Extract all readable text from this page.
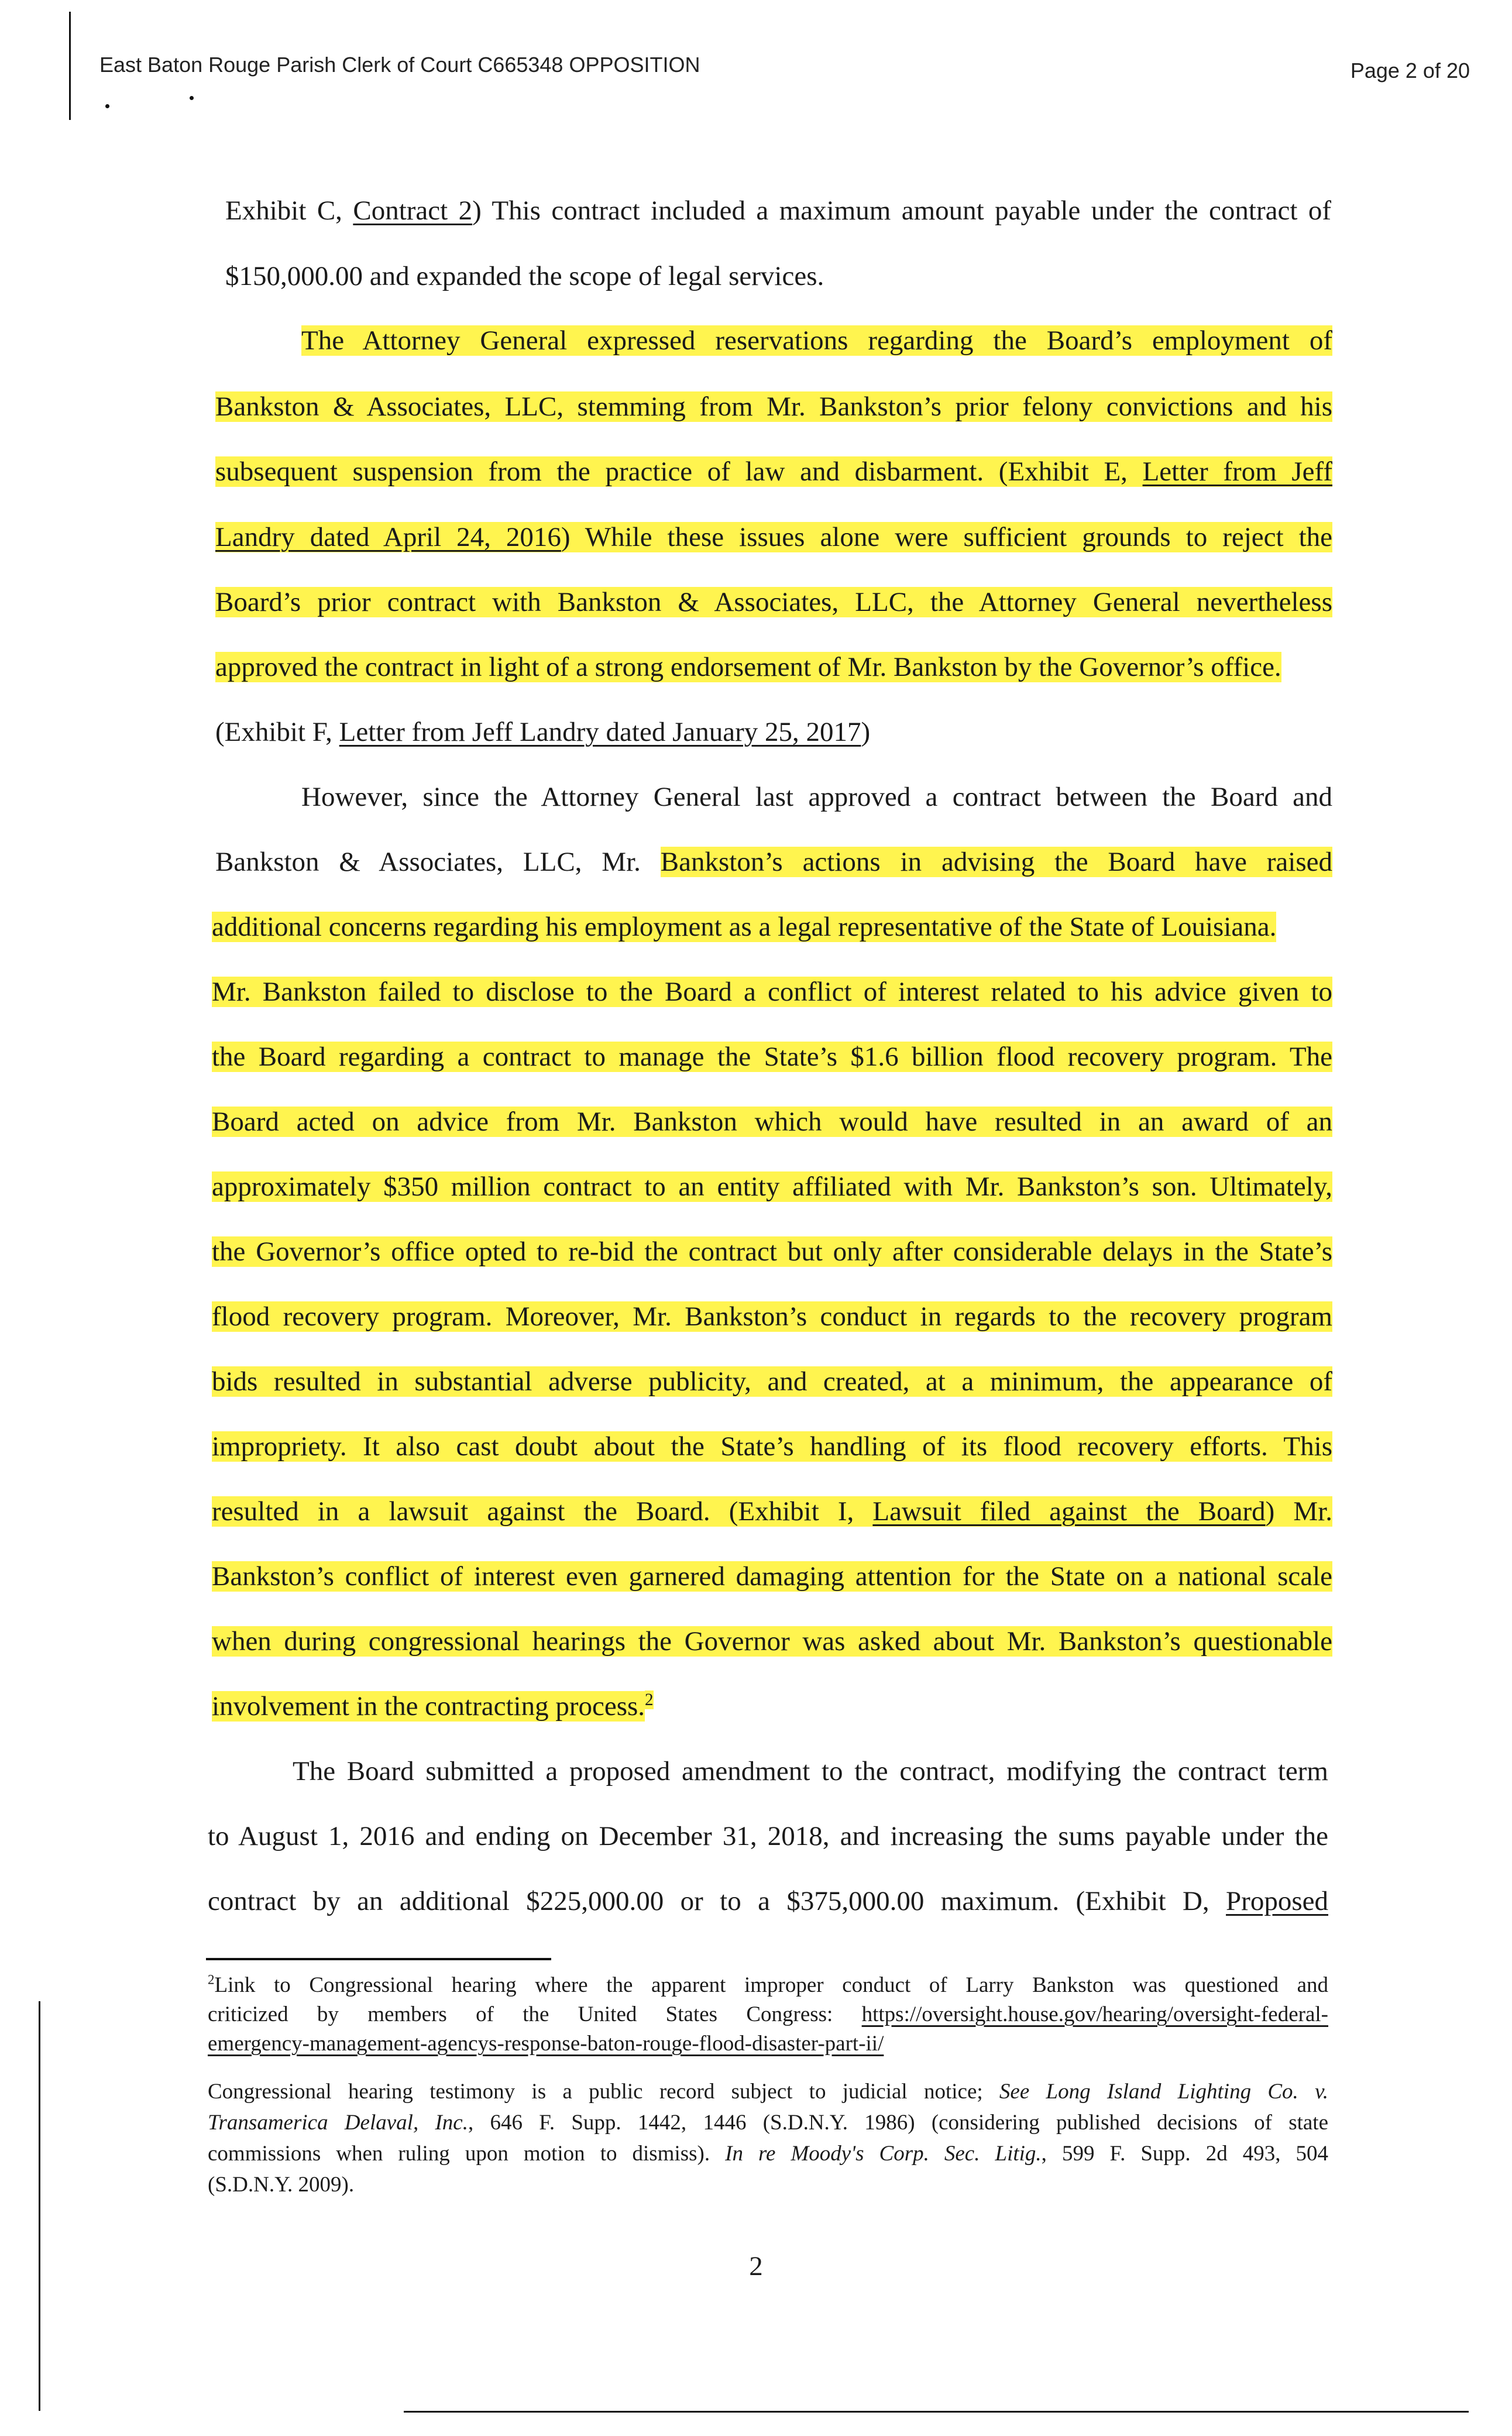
East Baton Rouge Parish Clerk of Court C665348 OPPOSITION	Page 2 of 20
Exhibit C, Contract 2) This contract included a maximum amount payable under the contract of
$150,000.00 and expanded the scope of legal services.
The Attorney General expressed reservations regarding the Board’s employment of
Bankston & Associates, LLC, stemming from Mr. Bankston’s prior felony convictions and his
subsequent suspension from the practice of law and disbarment. (Exhibit E, Letter from Jeff
Landry dated April 24, 2016) While these issues alone were sufficient grounds to reject the
Board’s prior contract with Bankston & Associates, LLC, the Attorney General nevertheless
approved the contract in light of a strong endorsement of Mr. Bankston by the Governor’s office.
(Exhibit F, Letter from Jeff Landry dated January 25, 2017)
However, since the Attorney General last approved a contract between the Board and
Bankston & Associates, LLC, Mr. Bankston’s actions in advising the Board have raised
additional concerns regarding his employment as a legal representative of the State of Louisiana.
Mr. Bankston failed to disclose to the Board a conflict of interest related to his advice given to
the Board regarding a contract to manage the State’s $1.6 billion flood recovery program. The
Board acted on advice from Mr. Bankston which would have resulted in an award of an
approximately $350 million contract to an entity affiliated with Mr. Bankston’s son. Ultimately,
the Governor’s office opted to re-bid the contract but only after considerable delays in the State’s
flood recovery program. Moreover, Mr. Bankston’s conduct in regards to the recovery program
bids resulted in substantial adverse publicity, and created, at a minimum, the appearance of
impropriety. It also cast doubt about the State’s handling of its flood recovery efforts. This
resulted in a lawsuit against the Board. (Exhibit I, Lawsuit filed against the Board) Mr.
Bankston’s conflict of interest even garnered damaging attention for the State on a national scale
when during congressional hearings the Governor was asked about Mr. Bankston’s questionable
involvement in the contracting process.$^2$
The Board submitted a proposed amendment to the contract, modifying the contract term
to August 1, 2016 and ending on December 31, 2018, and increasing the sums payable under the
contract by an additional $225,000.00 or to a $375,000.00 maximum. (Exhibit D, Proposed
$^2$Link to Congressional hearing where the apparent improper conduct of Larry Bankston was questioned and
criticized by members of the United States Congress: https://oversight.house.gov/hearing/oversight-federal-
emergency-management-agencys-response-baton-rouge-flood-disaster-part-ii/
Congressional hearing testimony is a public record subject to judicial notice; See Long Island Lighting Co. v.
Transamerica Delaval, Inc., 646 F. Supp. 1442, 1446 (S.D.N.Y. 1986) (considering published decisions of state
commissions when ruling upon motion to dismiss). In re Moody's Corp. Sec. Litig., 599 F. Supp. 2d 493, 504
(S.D.N.Y. 2009).
2
